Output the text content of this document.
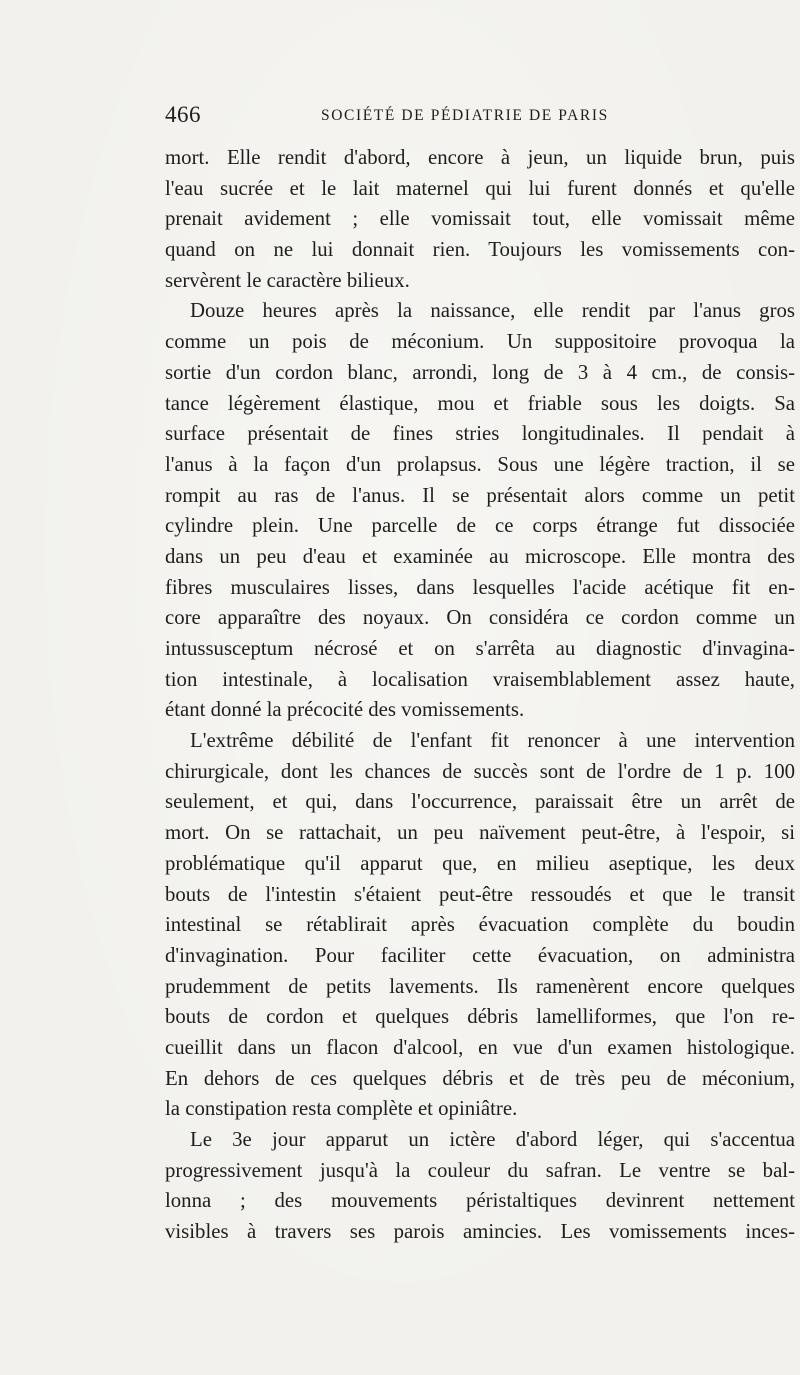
466	SOCIÉTÉ DE PÉDIATRIE DE PARIS
mort. Elle rendit d'abord, encore à jeun, un liquide brun, puis
l'eau sucrée et le lait maternel qui lui furent donnés et qu'elle
prenait avidement ; elle vomissait tout, elle vomissait même
quand on ne lui donnait rien. Toujours les vomissements con-
servèrent le caractère bilieux.
Douze heures après la naissance, elle rendit par l'anus gros
comme un pois de méconium. Un suppositoire provoqua la
sortie d'un cordon blanc, arrondi, long de 3 à 4 cm., de consis-
tance légèrement élastique, mou et friable sous les doigts. Sa
surface présentait de fines stries longitudinales. Il pendait à
l'anus à la façon d'un prolapsus. Sous une légère traction, il se
rompit au ras de l'anus. Il se présentait alors comme un petit
cylindre plein. Une parcelle de ce corps étrange fut dissociée
dans un peu d'eau et examinée au microscope. Elle montra des
fibres musculaires lisses, dans lesquelles l'acide acétique fit en-
core apparaître des noyaux. On considéra ce cordon comme un
intussusceptum nécrosé et on s'arrêta au diagnostic d'invagina-
tion intestinale, à localisation vraisemblablement assez haute,
étant donné la précocité des vomissements.
L'extrême débilité de l'enfant fit renoncer à une intervention
chirurgicale, dont les chances de succès sont de l'ordre de 1 p. 100
seulement, et qui, dans l'occurrence, paraissait être un arrêt de
mort. On se rattachait, un peu naïvement peut-être, à l'espoir, si
problématique qu'il apparut que, en milieu aseptique, les deux
bouts de l'intestin s'étaient peut-être ressoudés et que le transit
intestinal se rétablirait après évacuation complète du boudin
d'invagination. Pour faciliter cette évacuation, on administra
prudemment de petits lavements. Ils ramenèrent encore quelques
bouts de cordon et quelques débris lamelliformes, que l'on re-
cueillit dans un flacon d'alcool, en vue d'un examen histologique.
En dehors de ces quelques débris et de très peu de méconium,
la constipation resta complète et opiniâtre.
Le 3e jour apparut un ictère d'abord léger, qui s'accentua
progressivement jusqu'à la couleur du safran. Le ventre se bal-
lonna ; des mouvements péristaltiques devinrent nettement
visibles à travers ses parois amincies. Les vomissements inces-
